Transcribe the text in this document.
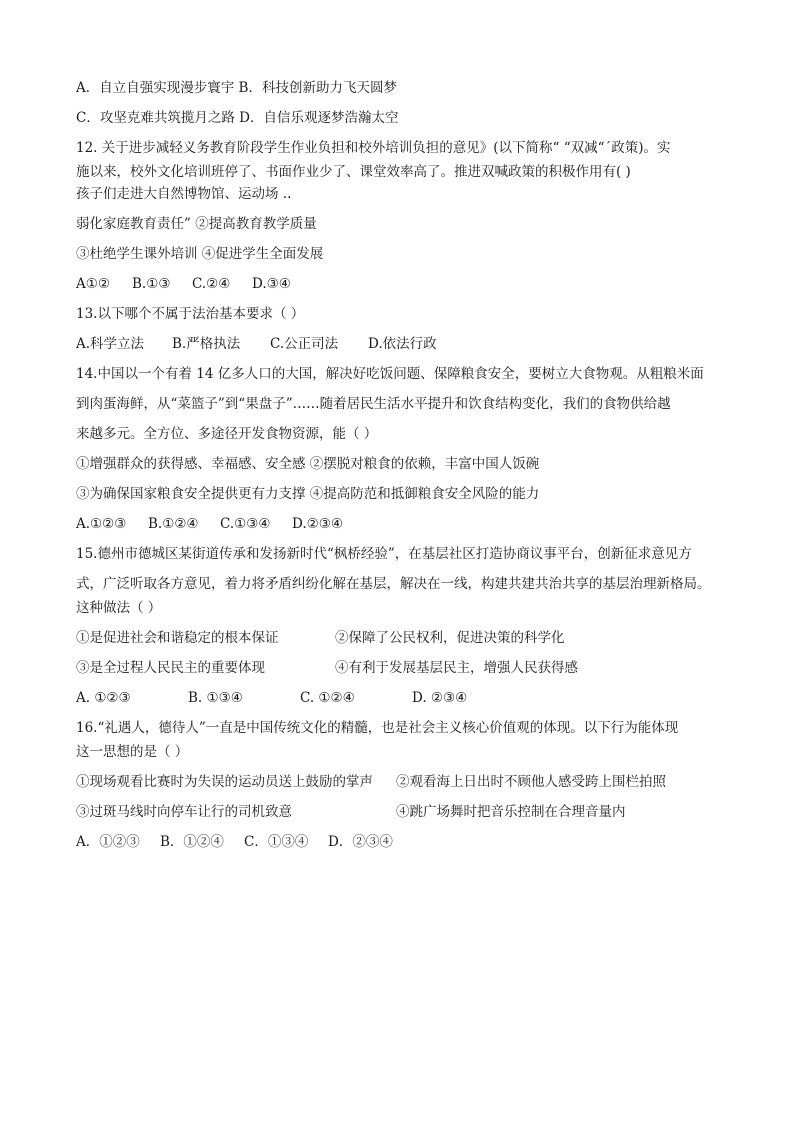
A．自立自强实现漫步寰宇 B．科技创新助力飞天圆梦

C．攻坚克难共筑揽月之路 D．自信乐观逐梦浩瀚太空

12. 关于进步减轻义务教育阶段学生作业负担和校外培训负担的意见》(以下简称“ “双减“ˊ政策)。实

施以来，校外文化培训班停了、书面作业少了、课堂效率高了。推进双喊政策的积极作用有( )

孩子们走进大自然博物馆、运动场 ..

弱化家庭教育责任” ②提高教育教学质量

③杜绝学生课外培训 ④促进学生全面发展

A①②	B.①③	C.②④	D.③④

13.以下哪个不属于法治基本要求（ ）

A.科学立法	B.严格执法	C.公正司法	D.依法行政

14.中国以一个有着 14 亿多人口的大国，解决好吃饭问题、保障粮食安全，要树立大食物观。从粗粮米面

到肉蛋海鲜，从“菜篮子”到“果盘子”……随着居民生活水平提升和饮食结构变化，我们的食物供给越

来越多元。全方位、多途径开发食物资源，能（ ）

①增强群众的获得感、幸福感、安全感 ②摆脱对粮食的依赖，丰富中国人饭碗

③为确保国家粮食安全提供更有力支撑 ④提高防范和抵御粮食安全风险的能力

A.①②③	B.①②④	C.①③④	D.②③④

15.德州市德城区某街道传承和发扬新时代“枫桥经验”，在基层社区打造协商议事平台，创新征求意见方

式，广泛听取各方意见，着力将矛盾纠纷化解在基层，解决在一线，构建共建共治共享的基层治理新格局。

这种做法（ ）

①是促进社会和谐稳定的根本保证	②保障了公民权利，促进决策的科学化
③是全过程人民民主的重要体现	④有利于发展基层民主，增强人民获得感
A. ①②③	B. ①③④	C. ①②④	D. ②③④

16.“礼遇人，德待人”一直是中国传统文化的精髓，也是社会主义核心价值观的体现。以下行为能体现

这一思想的是（ ）

①现场观看比赛时为失误的运动员送上鼓励的掌声	②观看海上日出时不顾他人感受跨上围栏拍照
③过斑马线时向停车让行的司机致意	④跳广场舞时把音乐控制在合理音量内
A．①②③	B．①②④	C．①③④	D．②③④
